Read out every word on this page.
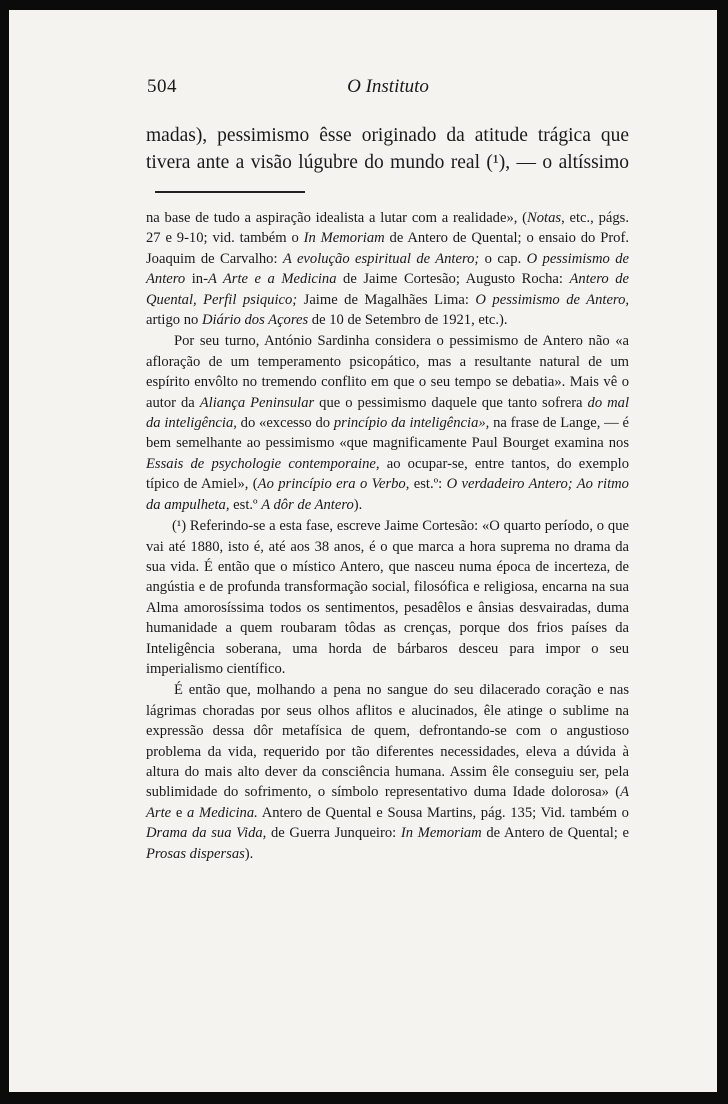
504	O Instituto
madas), pessimismo êsse originado da atitude trágica que
tivera ante a visão lúgubre do mundo real (¹), — o altíssimo

na base de tudo a aspiração idealista a lutar com a realidade», (Notas, etc., págs. 27 e 9-10; vid. também o In Memoriam de Antero de Quental; o ensaio do Prof. Joaquim de Carvalho: A evolução espiritual de Antero; o cap. O pessimismo de Antero in-A Arte e a Medicina de Jaime Cortesão; Augusto Rocha: Antero de Quental, Perfil psiquico; Jaime de Magalhães Lima: O pessimismo de Antero, artigo no Diário dos Açores de 10 de Setembro de 1921, etc.).

Por seu turno, António Sardinha considera o pessimismo de Antero não «a afloração de um temperamento psicopático, mas a resultante natural de um espírito envôlto no tremendo conflito em que o seu tempo se debatia». Mais vê o autor da Aliança Peninsular que o pessimismo daquele que tanto sofrera do mal da inteligência, do «excesso do princípio da inteligência», na frase de Lange, — é bem semelhante ao pessimismo «que magnificamente Paul Bourget examina nos Essais de psychologie contemporaine, ao ocupar-se, entre tantos, do exemplo típico de Amiel», (Ao princípio era o Verbo, est.º: O verdadeiro Antero; Ao ritmo da ampulheta, est.º A dôr de Antero).

(¹) Referindo-se a esta fase, escreve Jaime Cortesão: «O quarto período, o que vai até 1880, isto é, até aos 38 anos, é o que marca a hora suprema no drama da sua vida. É então que o místico Antero, que nasceu numa época de incerteza, de angústia e de profunda transformação social, filosófica e religiosa, encarna na sua Alma amorosíssima todos os sentimentos, pesadêlos e ânsias desvairadas, duma humanidade a quem roubaram tôdas as crenças, porque dos frios países da Inteligência soberana, uma horda de bárbaros desceu para impor o seu imperialismo científico.

É então que, molhando a pena no sangue do seu dilacerado coração e nas lágrimas choradas por seus olhos aflitos e alucinados, êle atinge o sublime na expressão dessa dôr metafísica de quem, defrontando-se com o angustioso problema da vida, requerido por tão diferentes necessidades, eleva a dúvida à altura do mais alto dever da consciência humana. Assim êle conseguiu ser, pela sublimidade do sofrimento, o símbolo representativo duma Idade dolorosa» (A Arte e a Medicina. Antero de Quental e Sousa Martins, pág. 135; Vid. também o Drama da sua Vida, de Guerra Junqueiro: In Memoriam de Antero de Quental; e Prosas dispersas).
